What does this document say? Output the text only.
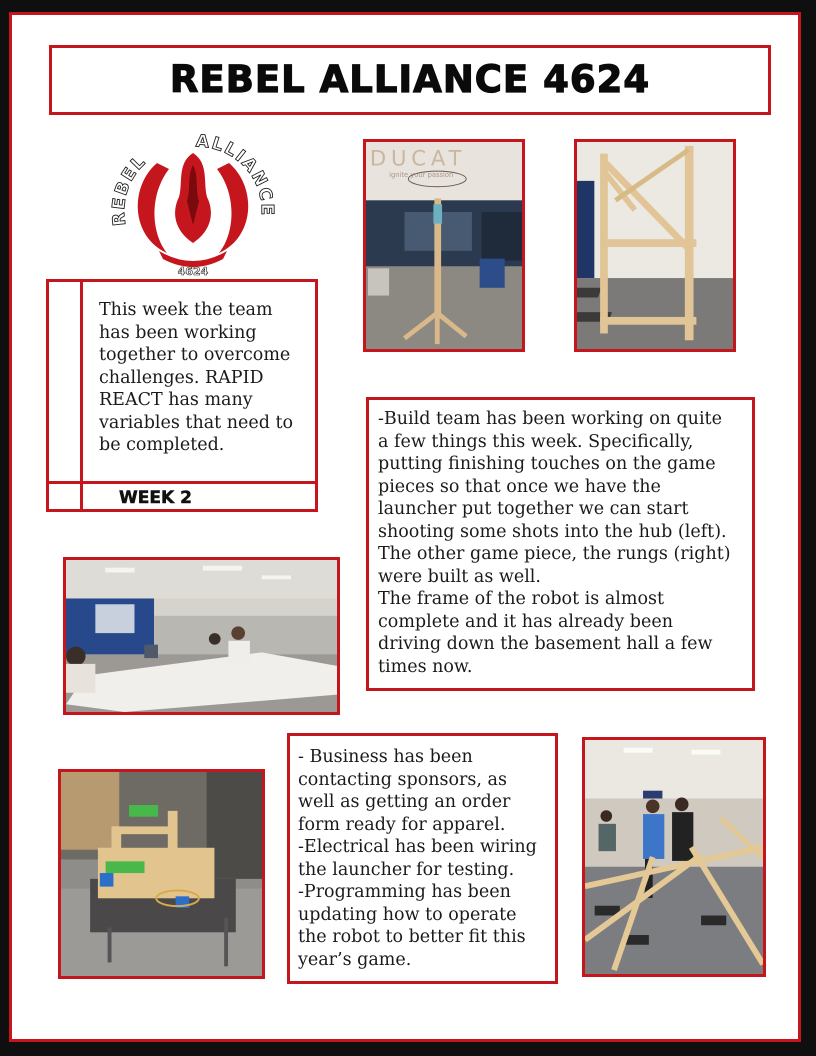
REBEL ALLIANCE 4624
REBEL
ALLIANCE
4624

This week the team
has been working
together to overcome
challenges. RAPID
REACT has many
variables that need to
be completed.

WEEK 2
DUCAT
ignite your passion

-Build team has been working on quite
a few things this week. Specifically,
putting finishing touches on the game
pieces so that once we have the
launcher put together we can start
shooting some shots into the hub (left).
The other game piece, the rungs (right)
were built as well.
The frame of the robot is almost
complete and it has already been
driving down the basement hall a few
times now.

- Business has been
contacting sponsors, as
well as getting an order
form ready for apparel.
-Electrical has been wiring
the launcher for testing.
-Programming has been
updating how to operate
the robot to better fit this
year’s game.
